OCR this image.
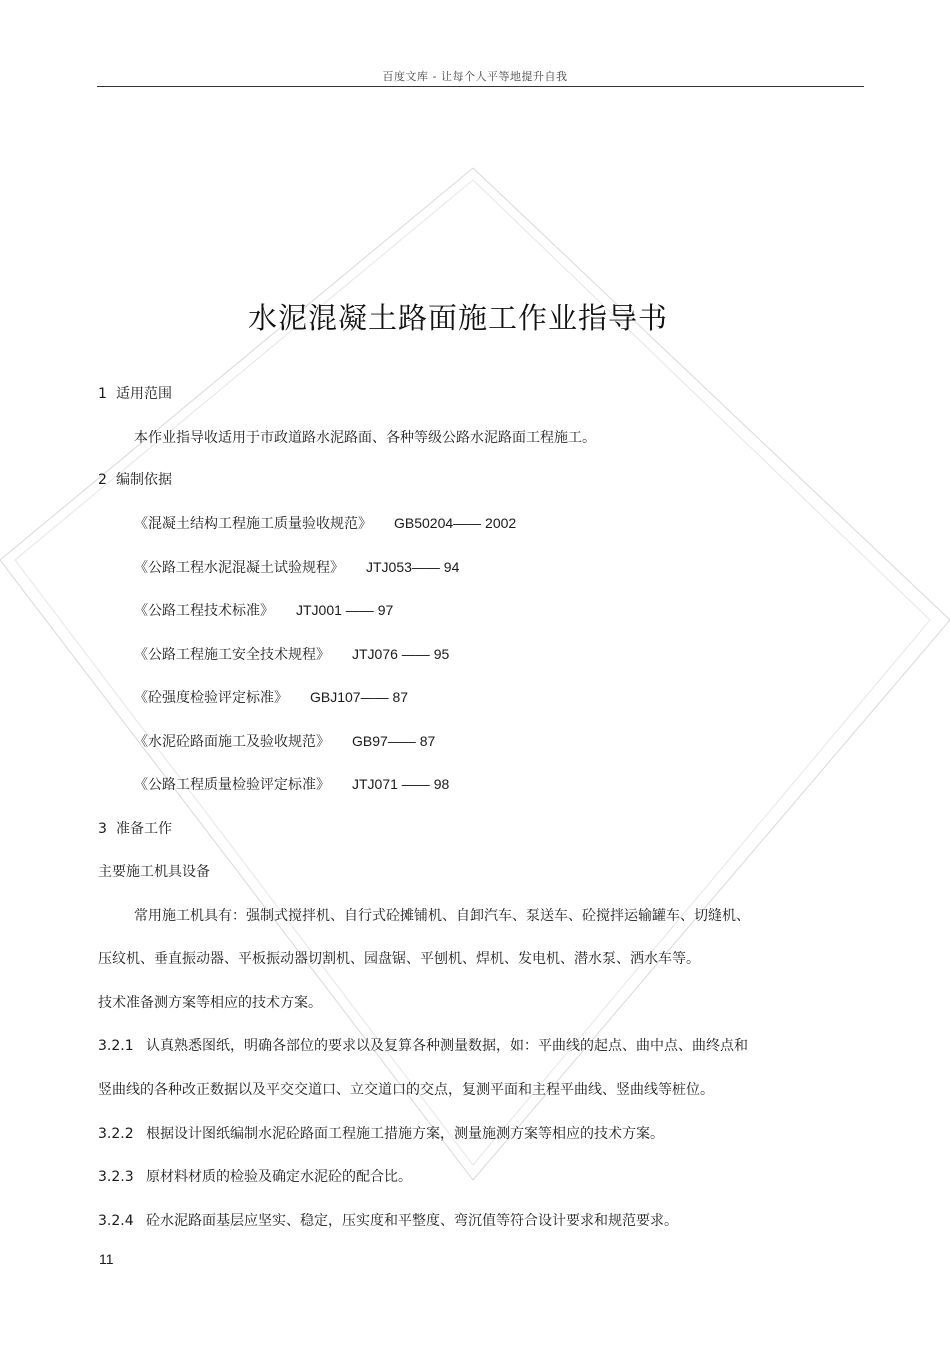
百度文库 - 让每个人平等地提升自我
水泥混凝土路面施工作业指导书
1 适用范围
本作业指导收适用于市政道路水泥路面、各种等级公路水泥路面工程施工。
2 编制依据
《混凝土结构工程施工质量验收规范》 GB50204—— 2002
《公路工程水泥混凝土试验规程》 JTJ053—— 94
《公路工程技术标准》 JTJ001 —— 97
《公路工程施工安全技术规程》 JTJ076 —— 95
《砼强度检验评定标准》 GBJ107—— 87
《水泥砼路面施工及验收规范》 GB97—— 87
《公路工程质量检验评定标准》 JTJ071 —— 98
3 准备工作
主要施工机具设备
常用施工机具有：强制式搅拌机、自行式砼摊铺机、自卸汽车、泵送车、砼搅拌运输罐车、切缝机、
压纹机、垂直振动器、平板振动器切割机、园盘锯、平刨机、焊机、发电机、潜水泵、洒水车等。
技术准备测方案等相应的技术方案。
3.2.1 认真熟悉图纸，明确各部位的要求以及复算各种测量数据，如：平曲线的起点、曲中点、曲终点和
竖曲线的各种改正数据以及平交交道口、立交道口的交点，复测平面和主程平曲线、竖曲线等桩位。
3.2.2 根据设计图纸编制水泥砼路面工程施工措施方案，测量施测方案等相应的技术方案。
3.2.3 原材料材质的检验及确定水泥砼的配合比。
3.2.4 砼水泥路面基层应坚实、稳定，压实度和平整度、弯沉值等符合设计要求和规范要求。
11
